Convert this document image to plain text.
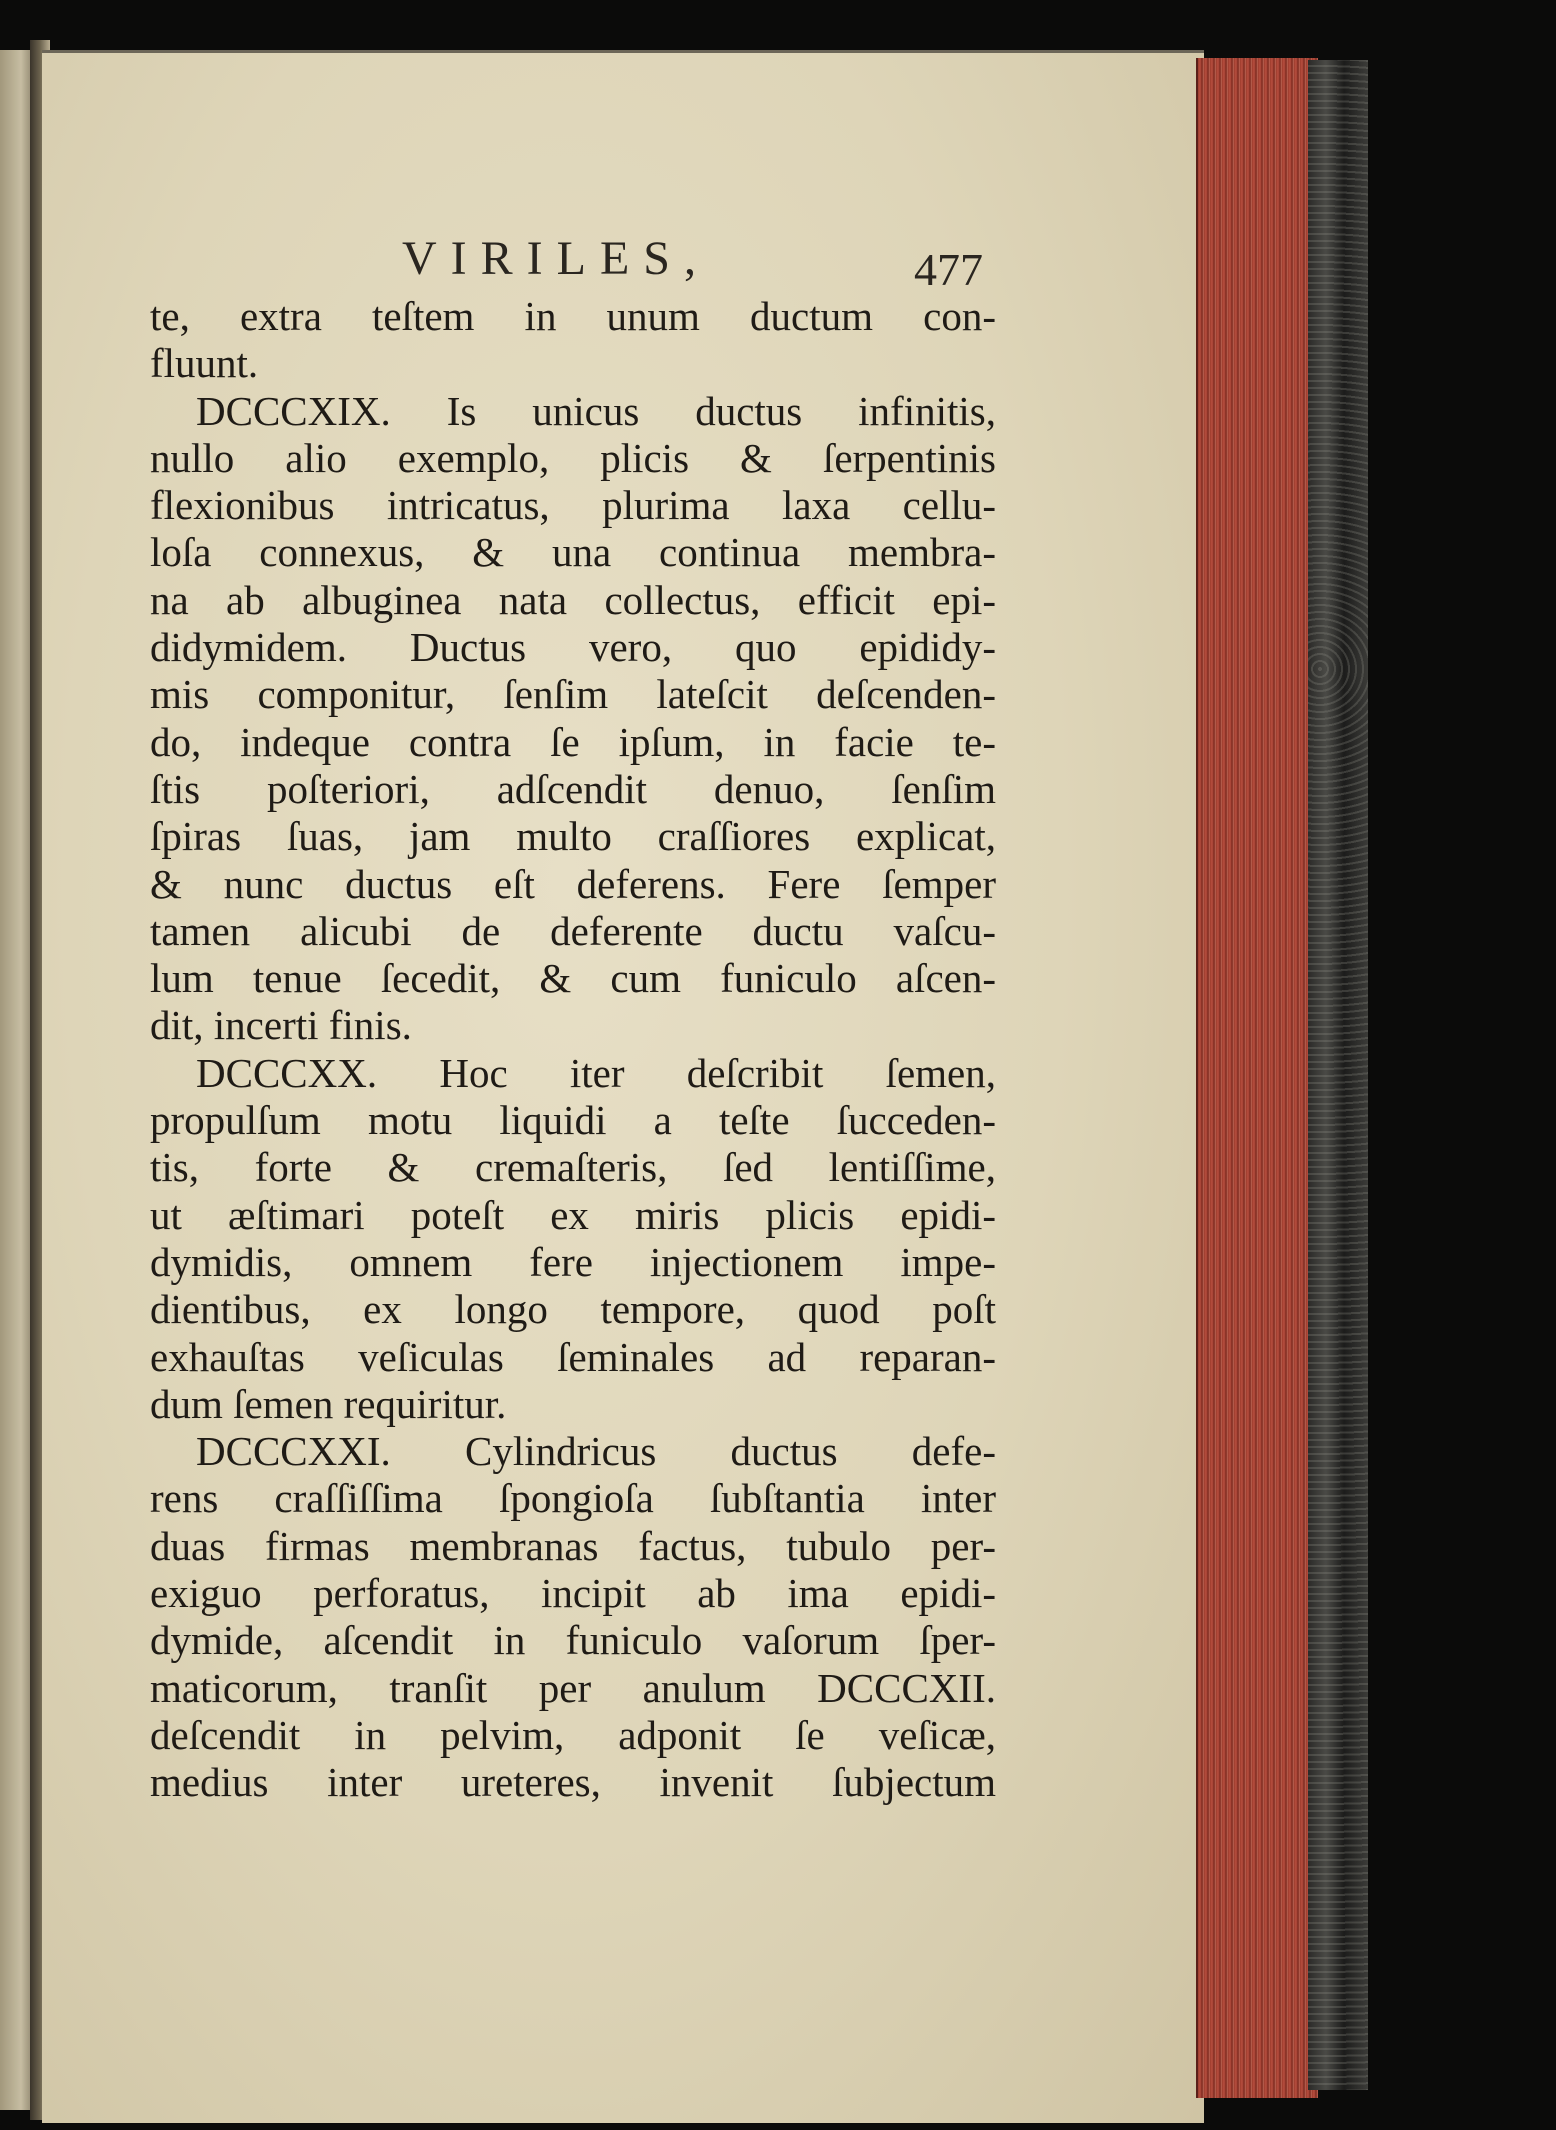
VIRILES,	477
te, extra teſtem in unum ductum con-
fluunt.
DCCCXIX. Is unicus ductus infinitis,
nullo alio exemplo, plicis & ſerpentinis
flexionibus intricatus, plurima laxa cellu-
loſa connexus, & una continua membra-
na ab albuginea nata collectus, efficit epi-
didymidem. Ductus vero, quo epididy-
mis componitur, ſenſim lateſcit deſcenden-
do, indeque contra ſe ipſum, in facie te-
ſtis poſteriori, adſcendit denuo, ſenſim
ſpiras ſuas, jam multo craſſiores explicat,
& nunc ductus eſt deferens. Fere ſemper
tamen alicubi de deferente ductu vaſcu-
lum tenue ſecedit, & cum funiculo aſcen-
dit, incerti finis.
DCCCXX. Hoc iter deſcribit ſemen,
propulſum motu liquidi a teſte ſucceden-
tis, forte & cremaſteris, ſed lentiſſime,
ut æſtimari poteſt ex miris plicis epidi-
dymidis, omnem fere injectionem impe-
dientibus, ex longo tempore, quod poſt
exhauſtas veſiculas ſeminales ad reparan-
dum ſemen requiritur.
DCCCXXI. Cylindricus ductus defe-
rens craſſiſſima ſpongioſa ſubſtantia inter
duas firmas membranas factus, tubulo per-
exiguo perforatus, incipit ab ima epidi-
dymide, aſcendit in funiculo vaſorum ſper-
maticorum, tranſit per anulum DCCCXII.
deſcendit in pelvim, adponit ſe veſicæ,
medius inter ureteres, invenit ſubjectum
